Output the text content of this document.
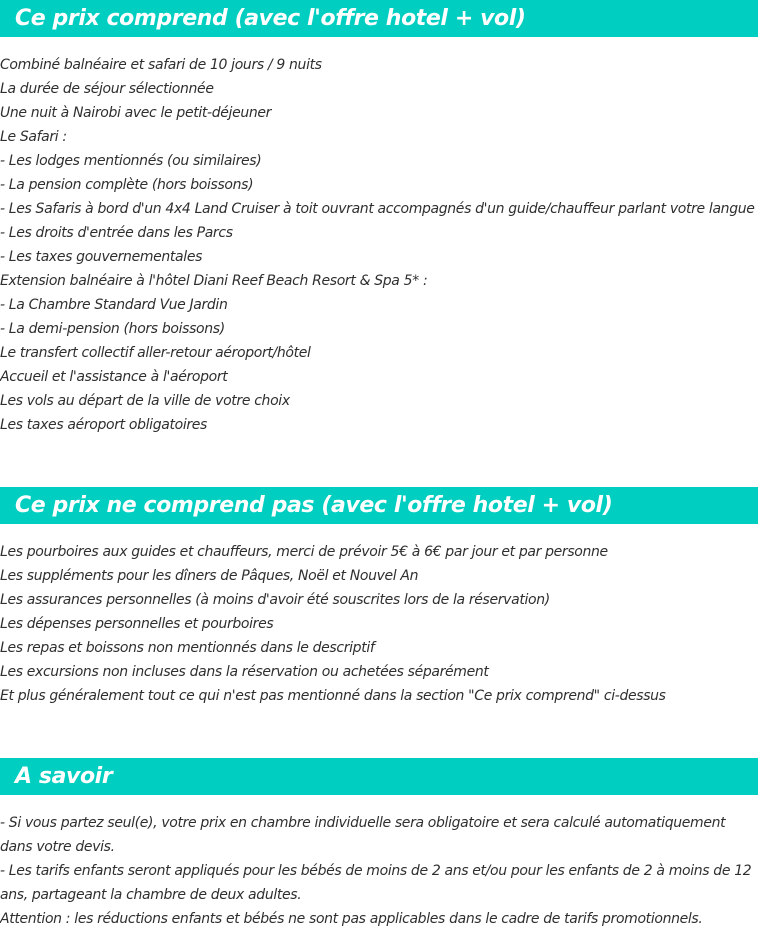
Ce prix comprend (avec l'offre hotel + vol)
Combiné balnéaire et safari de 10 jours / 9 nuits
La durée de séjour sélectionnée
Une nuit à Nairobi avec le petit-déjeuner
Le Safari :
- Les lodges mentionnés (ou similaires)
- La pension complète (hors boissons)
- Les Safaris à bord d'un 4x4 Land Cruiser à toit ouvrant accompagnés d'un guide/chauffeur parlant votre langue
- Les droits d'entrée dans les Parcs
- Les taxes gouvernementales
Extension balnéaire à l'hôtel Diani Reef Beach Resort & Spa 5* :
- La Chambre Standard Vue Jardin
- La demi-pension (hors boissons)
Le transfert collectif aller-retour aéroport/hôtel
Accueil et l'assistance à l'aéroport
Les vols au départ de la ville de votre choix
Les taxes aéroport obligatoires
Ce prix ne comprend pas (avec l'offre hotel + vol)
Les pourboires aux guides et chauffeurs, merci de prévoir 5€ à 6€ par jour et par personne
Les suppléments pour les dîners de Pâques, Noël et Nouvel An
Les assurances personnelles (à moins d'avoir été souscrites lors de la réservation)
Les dépenses personnelles et pourboires
Les repas et boissons non mentionnés dans le descriptif
Les excursions non incluses dans la réservation ou achetées séparément
Et plus généralement tout ce qui n'est pas mentionné dans la section "Ce prix comprend" ci-dessus
A savoir

- Si vous partez seul(e), votre prix en chambre individuelle sera obligatoire et sera calculé automatiquement dans votre devis.

- Les tarifs enfants seront appliqués pour les bébés de moins de 2 ans et/ou pour les enfants de 2 à moins de 12 ans, partageant la chambre de deux adultes.

Attention : les réductions enfants et bébés ne sont pas applicables dans le cadre de tarifs promotionnels.
